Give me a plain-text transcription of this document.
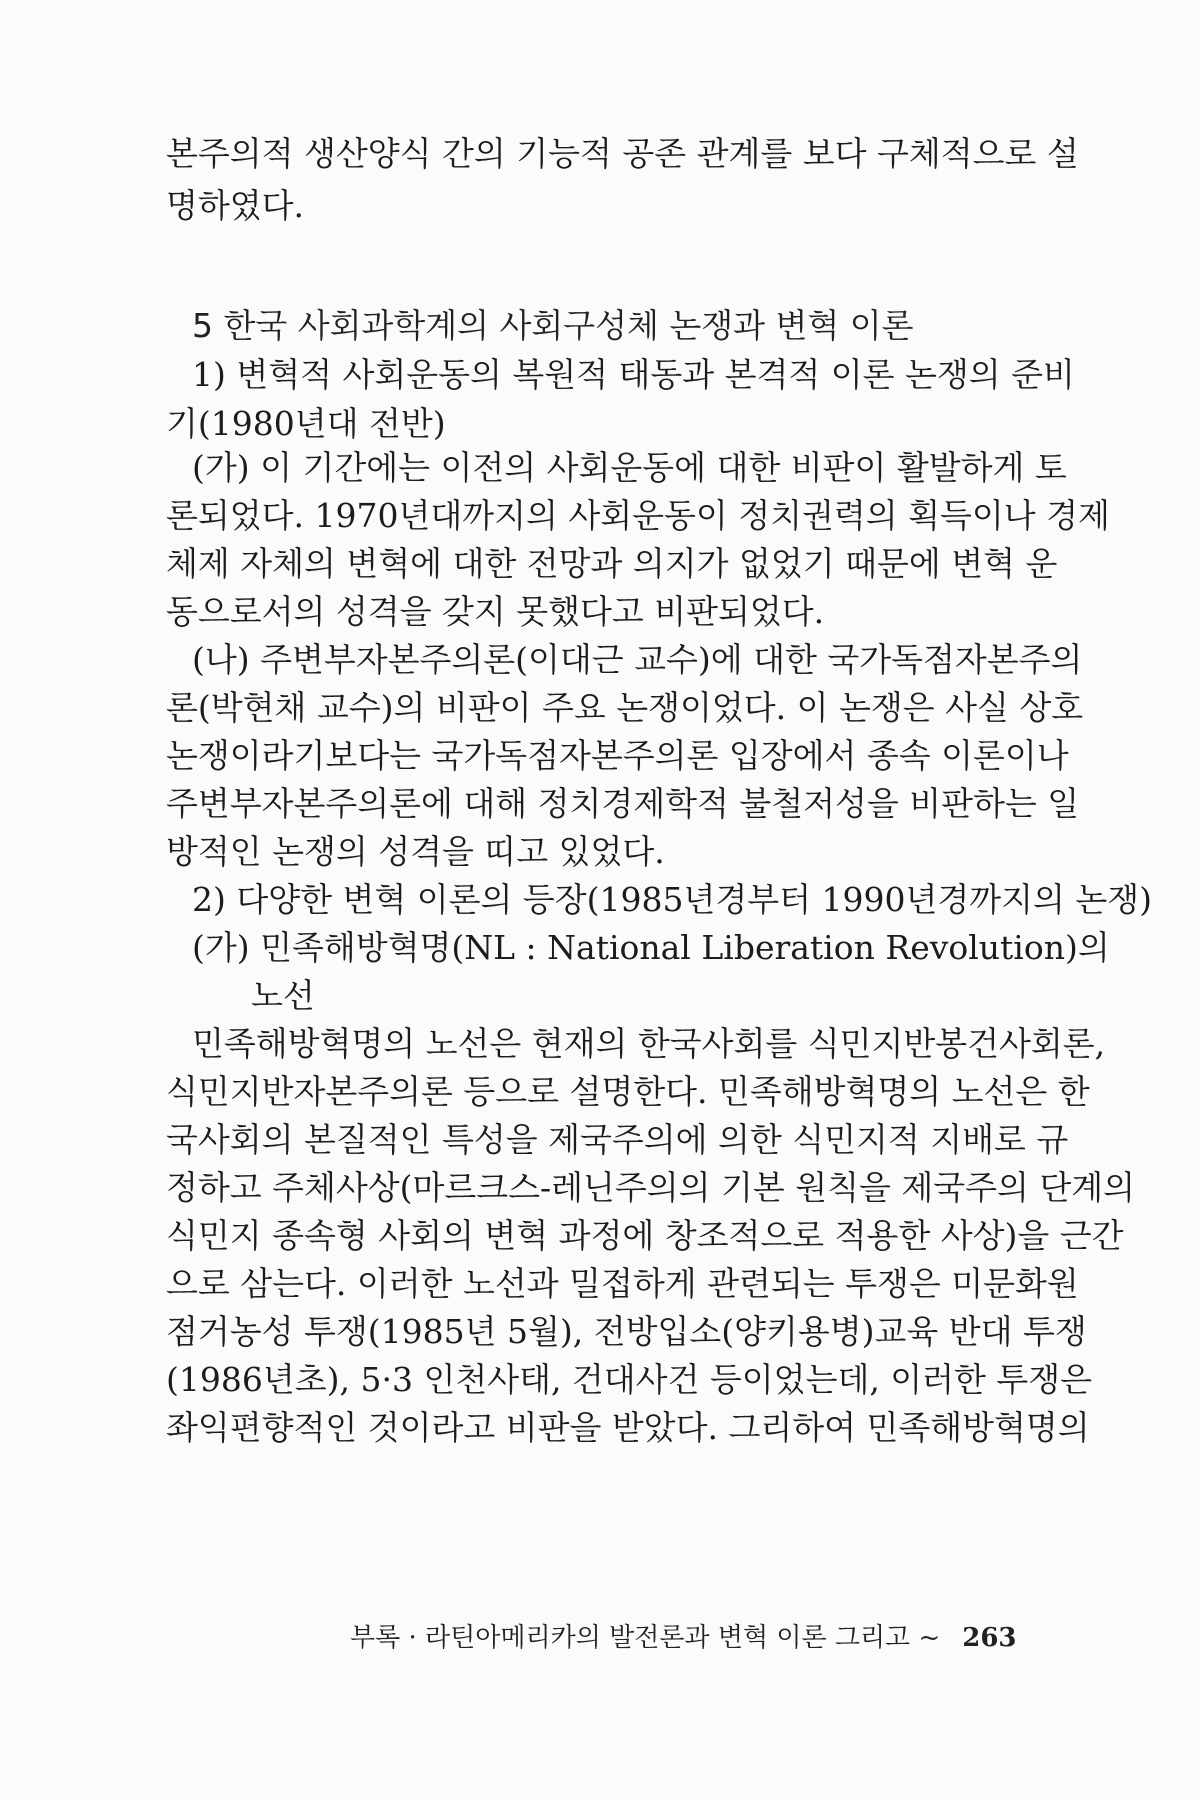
본주의적 생산양식 간의 기능적 공존 관계를 보다 구체적으로 설
명하였다.
5 한국 사회과학계의 사회구성체 논쟁과 변혁 이론
1) 변혁적 사회운동의 복원적 태동과 본격적 이론 논쟁의 준비
기(1980년대 전반)
(가) 이 기간에는 이전의 사회운동에 대한 비판이 활발하게 토
론되었다. 1970년대까지의 사회운동이 정치권력의 획득이나 경제
체제 자체의 변혁에 대한 전망과 의지가 없었기 때문에 변혁 운
동으로서의 성격을 갖지 못했다고 비판되었다.
(나) 주변부자본주의론(이대근 교수)에 대한 국가독점자본주의
론(박현채 교수)의 비판이 주요 논쟁이었다. 이 논쟁은 사실 상호
논쟁이라기보다는 국가독점자본주의론 입장에서 종속 이론이나
주변부자본주의론에 대해 정치경제학적 불철저성을 비판하는 일
방적인 논쟁의 성격을 띠고 있었다.
2) 다양한 변혁 이론의 등장(1985년경부터 1990년경까지의 논쟁)
(가) 민족해방혁명(NL : National Liberation Revolution)의
노선
민족해방혁명의 노선은 현재의 한국사회를 식민지반봉건사회론,
식민지반자본주의론 등으로 설명한다. 민족해방혁명의 노선은 한
국사회의 본질적인 특성을 제국주의에 의한 식민지적 지배로 규
정하고 주체사상(마르크스-레닌주의의 기본 원칙을 제국주의 단계의
식민지 종속형 사회의 변혁 과정에 창조적으로 적용한 사상)을 근간
으로 삼는다. 이러한 노선과 밀접하게 관련되는 투쟁은 미문화원
점거농성 투쟁(1985년 5월), 전방입소(양키용병)교육 반대 투쟁
(1986년초), 5·3 인천사태, 건대사건 등이었는데, 이러한 투쟁은
좌익편향적인 것이라고 비판을 받았다. 그리하여 민족해방혁명의
부록 · 라틴아메리카의 발전론과 변혁 이론 그리고 ~ 263
